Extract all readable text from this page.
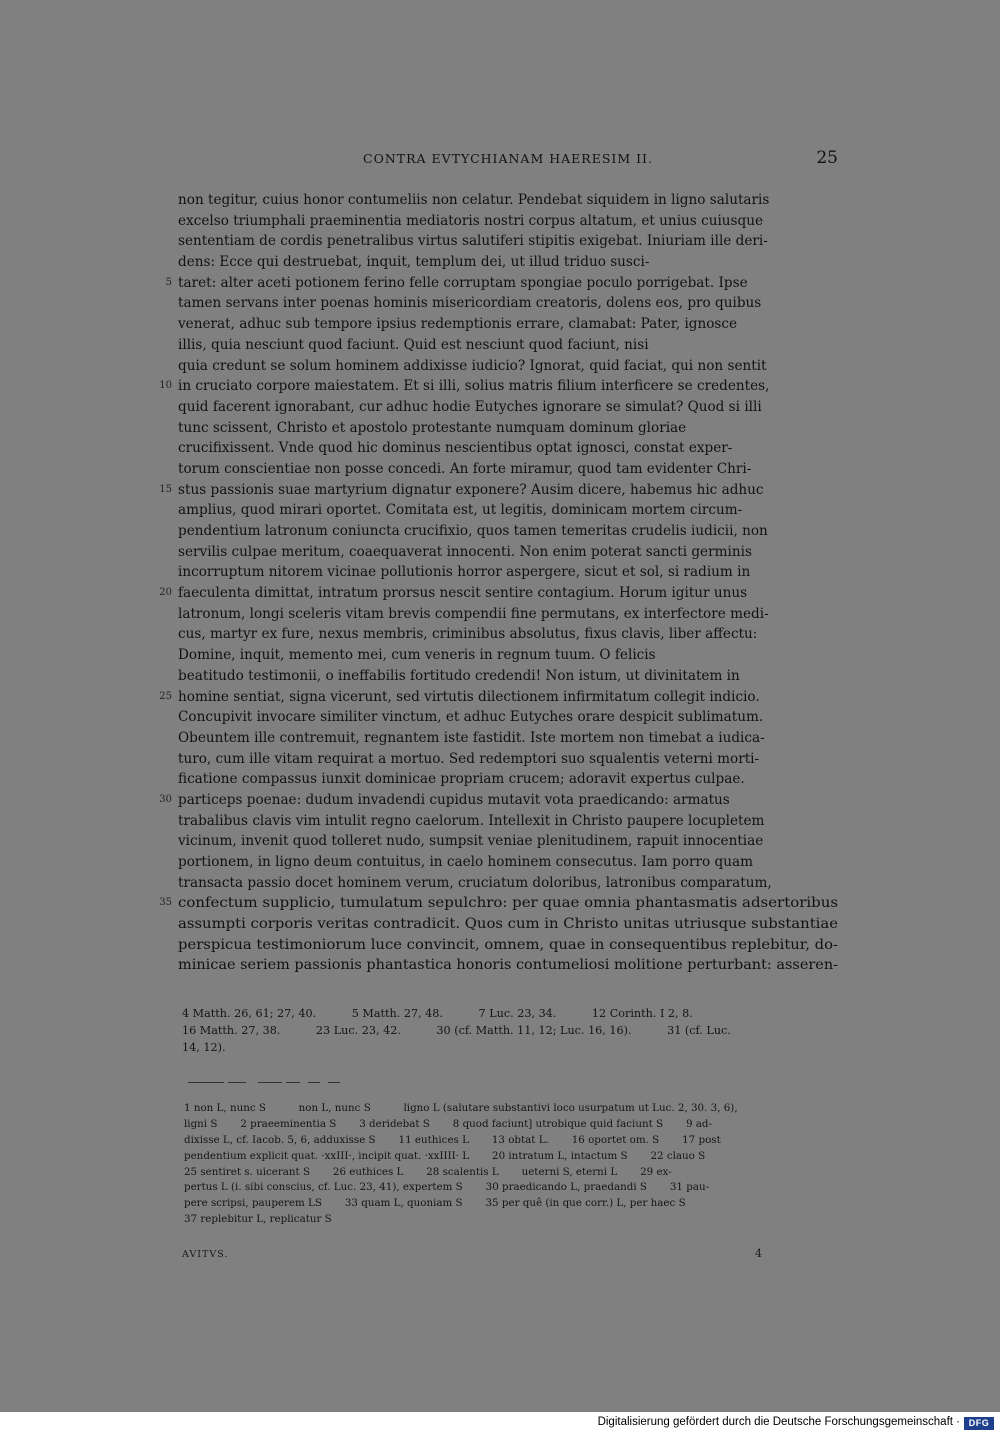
CONTRA EVTYCHIANAM HAERESIM II.	25
non tegitur, cuius honor contumeliis non celatur. Pendebat siquidem in ligno salutaris
excelso triumphali praeminentia mediatoris nostri corpus altatum, et unius cuiusque
sententiam de cordis penetralibus virtus salutiferi stipitis exigebat. Iniuriam ille deri-
dens: Ecce qui destruebat, inquit, templum dei, ut illud triduo susci-
5 taret: alter aceti potionem ferino felle corruptam spongiae poculo porrigebat. Ipse
tamen servans inter poenas hominis misericordiam creatoris, dolens eos, pro quibus
venerat, adhuc sub tempore ipsius redemptionis errare, clamabat: Pater, ignosce
illis, quia nesciunt quod faciunt. Quid est nesciunt quod faciunt, nisi
quia credunt se solum hominem addixisse iudicio? Ignorat, quid faciat, qui non sentit
10 in cruciato corpore maiestatem. Et si illi, solius matris filium interficere se credentes,
quid facerent ignorabant, cur adhuc hodie Eutyches ignorare se simulat? Quod si illi
tunc scissent, Christo et apostolo protestante numquam dominum gloriae
crucifixissent. Vnde quod hic dominus nescientibus optat ignosci, constat exper-
torum conscientiae non posse concedi. An forte miramur, quod tam evidenter Chri-
15 stus passionis suae martyrium dignatur exponere? Ausim dicere, habemus hic adhuc
amplius, quod mirari oportet. Comitata est, ut legitis, dominicam mortem circum-
pendentium latronum coniuncta crucifixio, quos tamen temeritas crudelis iudicii, non
servilis culpae meritum, coaequaverat innocenti. Non enim poterat sancti germinis
incorruptum nitorem vicinae pollutionis horror aspergere, sicut et sol, si radium in
20 faeculenta dimittat, intratum prorsus nescit sentire contagium. Horum igitur unus
latronum, longi sceleris vitam brevis compendii fine permutans, ex interfectore medi-
cus, martyr ex fure, nexus membris, criminibus absolutus, fixus clavis, liber affectu:
Domine, inquit, memento mei, cum veneris in regnum tuum. O felicis
beatitudo testimonii, o ineffabilis fortitudo credendi! Non istum, ut divinitatem in
25 homine sentiat, signa vicerunt, sed virtutis dilectionem infirmitatum collegit indicio.
Concupivit invocare similiter vinctum, et adhuc Eutyches orare despicit sublimatum.
Obeuntem ille contremuit, regnantem iste fastidit. Iste mortem non timebat a iudica-
turo, cum ille vitam requirat a mortuo. Sed redemptori suo squalentis veterni morti-
ficatione compassus iunxit dominicae propriam crucem; adoravit expertus culpae.
30 particeps poenae: dudum invadendi cupidus mutavit vota praedicando: armatus
trabalibus clavis vim intulit regno caelorum. Intellexit in Christo paupere locupletem
vicinum, invenit quod tolleret nudo, sumpsit veniae plenitudinem, rapuit innocentiae
portionem, in ligno deum contuitus, in caelo hominem consecutus. Iam porro quam
transacta passio docet hominem verum, cruciatum doloribus, latronibus comparatum,
35 confectum supplicio, tumulatum sepulchro: per quae omnia phantasmatis adsertoribus
assumpti corporis veritas contradicit. Quos cum in Christo unitas utriusque substantiae
perspicua testimoniorum luce convincit, omnem, quae in consequentibus replebitur, do-
minicae seriem passionis phantastica honoris contumeliosi molitione perturbant: asseren-
4 Matth. 26, 61; 27, 40.          5 Matth. 27, 48.          7 Luc. 23, 34.          12 Corinth. I 2, 8.
16 Matth. 27, 38.          23 Luc. 23, 42.          30 (cf. Matth. 11, 12; Luc. 16, 16).          31 (cf. Luc.
14, 12).
1 non L, nunc S          non L, nunc S          ligno L (salutare substantivi loco usurpatum ut Luc. 2, 30. 3, 6),
ligni S       2 praeeminentia S       3 deridebat S       8 quod faciunt] utrobique quid faciunt S       9 ad-
dixisse L, cf. Iacob. 5, 6, adduxisse S       11 euthices L       13 obtat L.       16 oportet om. S       17 post
pendentium explicit quat. ·xxIII·, incipit quat. ·xxIIII· L       20 intratum L, intactum S       22 clauo S
25 sentiret s. uicerant S       26 euthices L       28 scalentis L       ueterni S, eterni L       29 ex-
pertus L (i. sibi conscius, cf. Luc. 23, 41), expertem S       30 praedicando L, praedandi S       31 pau-
pere scripsi, pauperem LS       33 quam L, quoniam S       35 per quê (in que corr.) L, per haec S
37 replebitur L, replicatur S
AVITVS.	4
Digitalisierung gefördert durch die Deutsche Forschungsgemeinschaft · DFG
